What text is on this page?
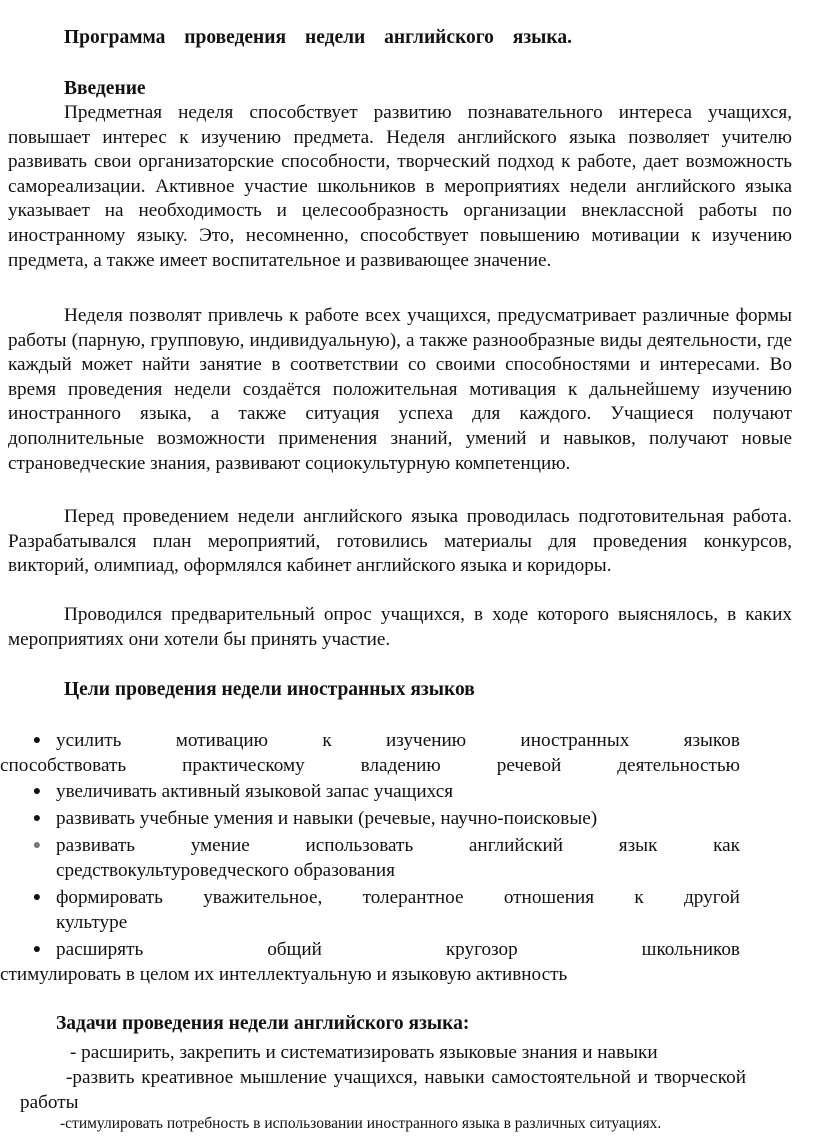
Программа проведения недели английского языка.
Введение
Предметная неделя способствует развитию познавательного интереса учащихся, повышает интерес к изучению предмета. Неделя английского языка позволяет учителю развивать свои организаторские способности, творческий подход к работе, дает возможность самореализации. Активное участие школьников в мероприятиях недели английского языка указывает на необходимость и целесообразность организации внеклассной работы по иностранному языку. Это, несомненно, способствует повышению мотивации к изучению предмета, а также имеет воспитательное и развивающее значение.
Неделя позволят привлечь к работе всех учащихся, предусматривает различные формы работы (парную, групповую, индивидуальную), а также разнообразные виды деятельности, где каждый может найти занятие в соответствии со своими способностями и интересами. Во время проведения недели создаётся положительная мотивация к дальнейшему изучению иностранного языка, а также ситуация успеха для каждого. Учащиеся получают дополнительные возможности применения знаний, умений и навыков, получают новые страноведческие знания, развивают социокультурную компетенцию.
Перед проведением недели английского языка проводилась подготовительная работа. Разрабатывался план мероприятий, готовились материалы для проведения конкурсов, викторий, олимпиад, оформлялся кабинет английского языка и коридоры.
Проводился предварительный опрос учащихся, в ходе которого выяснялось, в каких мероприятиях они хотели бы принять участие.
Цели проведения недели иностранных языков
● усилить	мотивацию	к	изучению	иностранных	языков
способствовать	практическому	владению	речевой	деятельностью
● увеличивать активный языковой запас учащихся
● развивать учебные умения и навыки (речевые, научно-поисковые)
● развивать	умение	использовать	английский	язык	как
средствокультуроведческого образования
● формировать уважительное, толерантное отношения к другой
культуре
● расширять	общий	кругозор	школьников
стимулировать в целом их интеллектуальную и языковую активность
Задачи проведения недели английского языка:
- расширить, закрепить и систематизировать языковые знания и навыки
-развить креативное мышление учащихся, навыки самостоятельной и творческой работы
-стимулировать потребность в использовании иностранного языка в различных ситуациях.
